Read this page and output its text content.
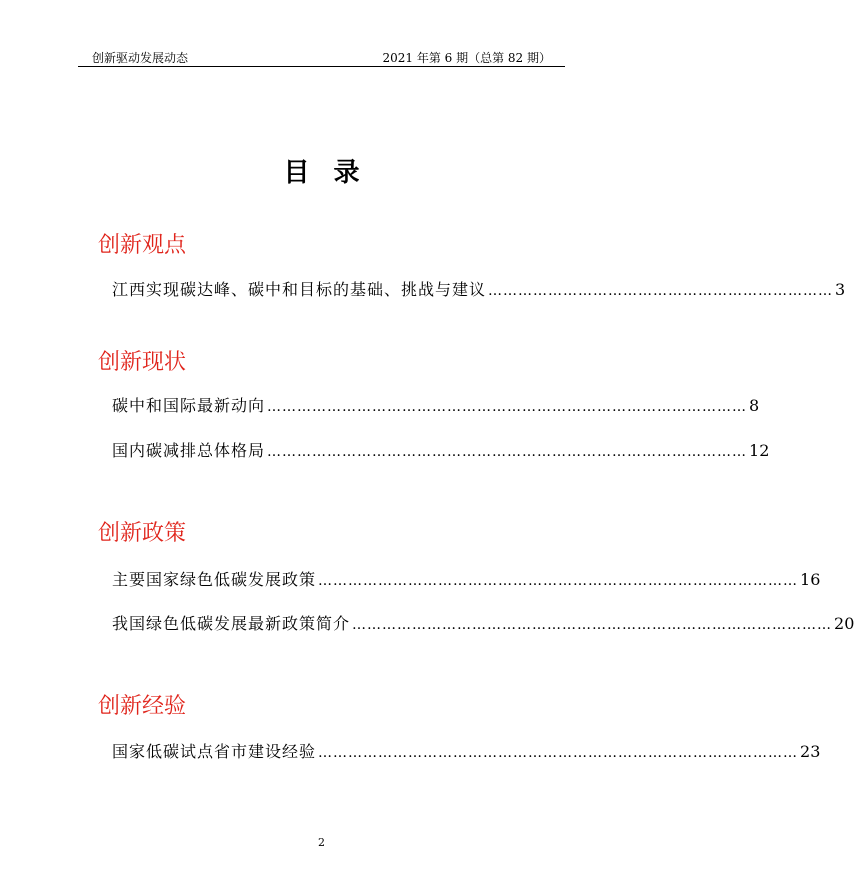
创新驱动发展动态	2021 年第 6 期（总第 82 期）
目录
创新观点
江西实现碳达峰、碳中和目标的基础、挑战与建议 …………………………………………………………… 3
创新现状
碳中和国际最新动向 …………………………………………………………………………………… 8
国内碳减排总体格局 …………………………………………………………………………………… 12
创新政策
主要国家绿色低碳发展政策 …………………………………………………………………………………… 16
我国绿色低碳发展最新政策简介 …………………………………………………………………………………… 20
创新经验
国家低碳试点省市建设经验 …………………………………………………………………………………… 23
2
